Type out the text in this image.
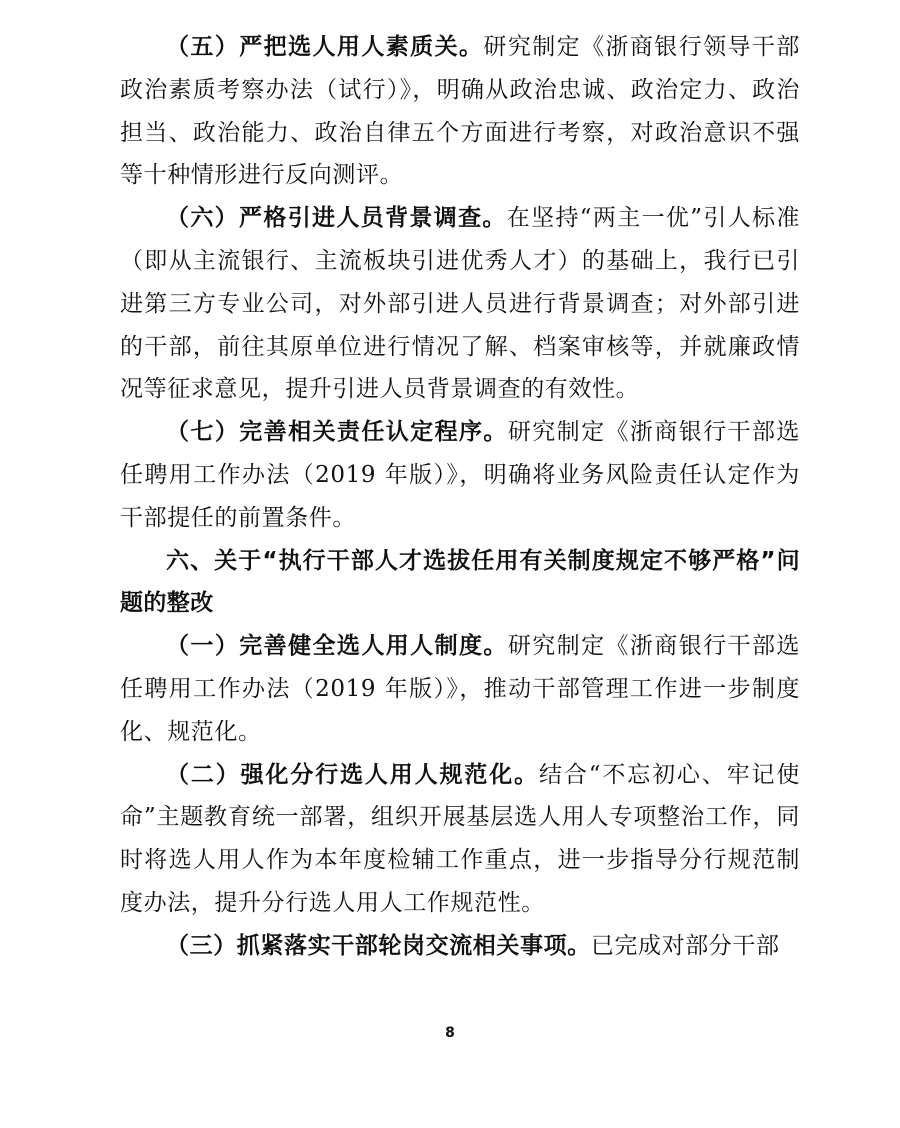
（五）严把选人用人素质关。研究制定《浙商银行领导干部政治素质考察办法（试行）》，明确从政治忠诚、政治定力、政治担当、政治能力、政治自律五个方面进行考察，对政治意识不强等十种情形进行反向测评。

（六）严格引进人员背景调查。在坚持“两主一优”引人标准（即从主流银行、主流板块引进优秀人才）的基础上，我行已引进第三方专业公司，对外部引进人员进行背景调查；对外部引进的干部，前往其原单位进行情况了解、档案审核等，并就廉政情况等征求意见，提升引进人员背景调查的有效性。

（七）完善相关责任认定程序。研究制定《浙商银行干部选任聘用工作办法（2019 年版）》，明确将业务风险责任认定作为干部提任的前置条件。

六、关于“执行干部人才选拔任用有关制度规定不够严格”问题的整改

（一）完善健全选人用人制度。研究制定《浙商银行干部选任聘用工作办法（2019 年版）》，推动干部管理工作进一步制度化、规范化。

（二）强化分行选人用人规范化。结合“不忘初心、牢记使命”主题教育统一部署，组织开展基层选人用人专项整治工作，同时将选人用人作为本年度检辅工作重点，进一步指导分行规范制度办法，提升分行选人用人工作规范性。

（三）抓紧落实干部轮岗交流相关事项。已完成对部分干部

8
